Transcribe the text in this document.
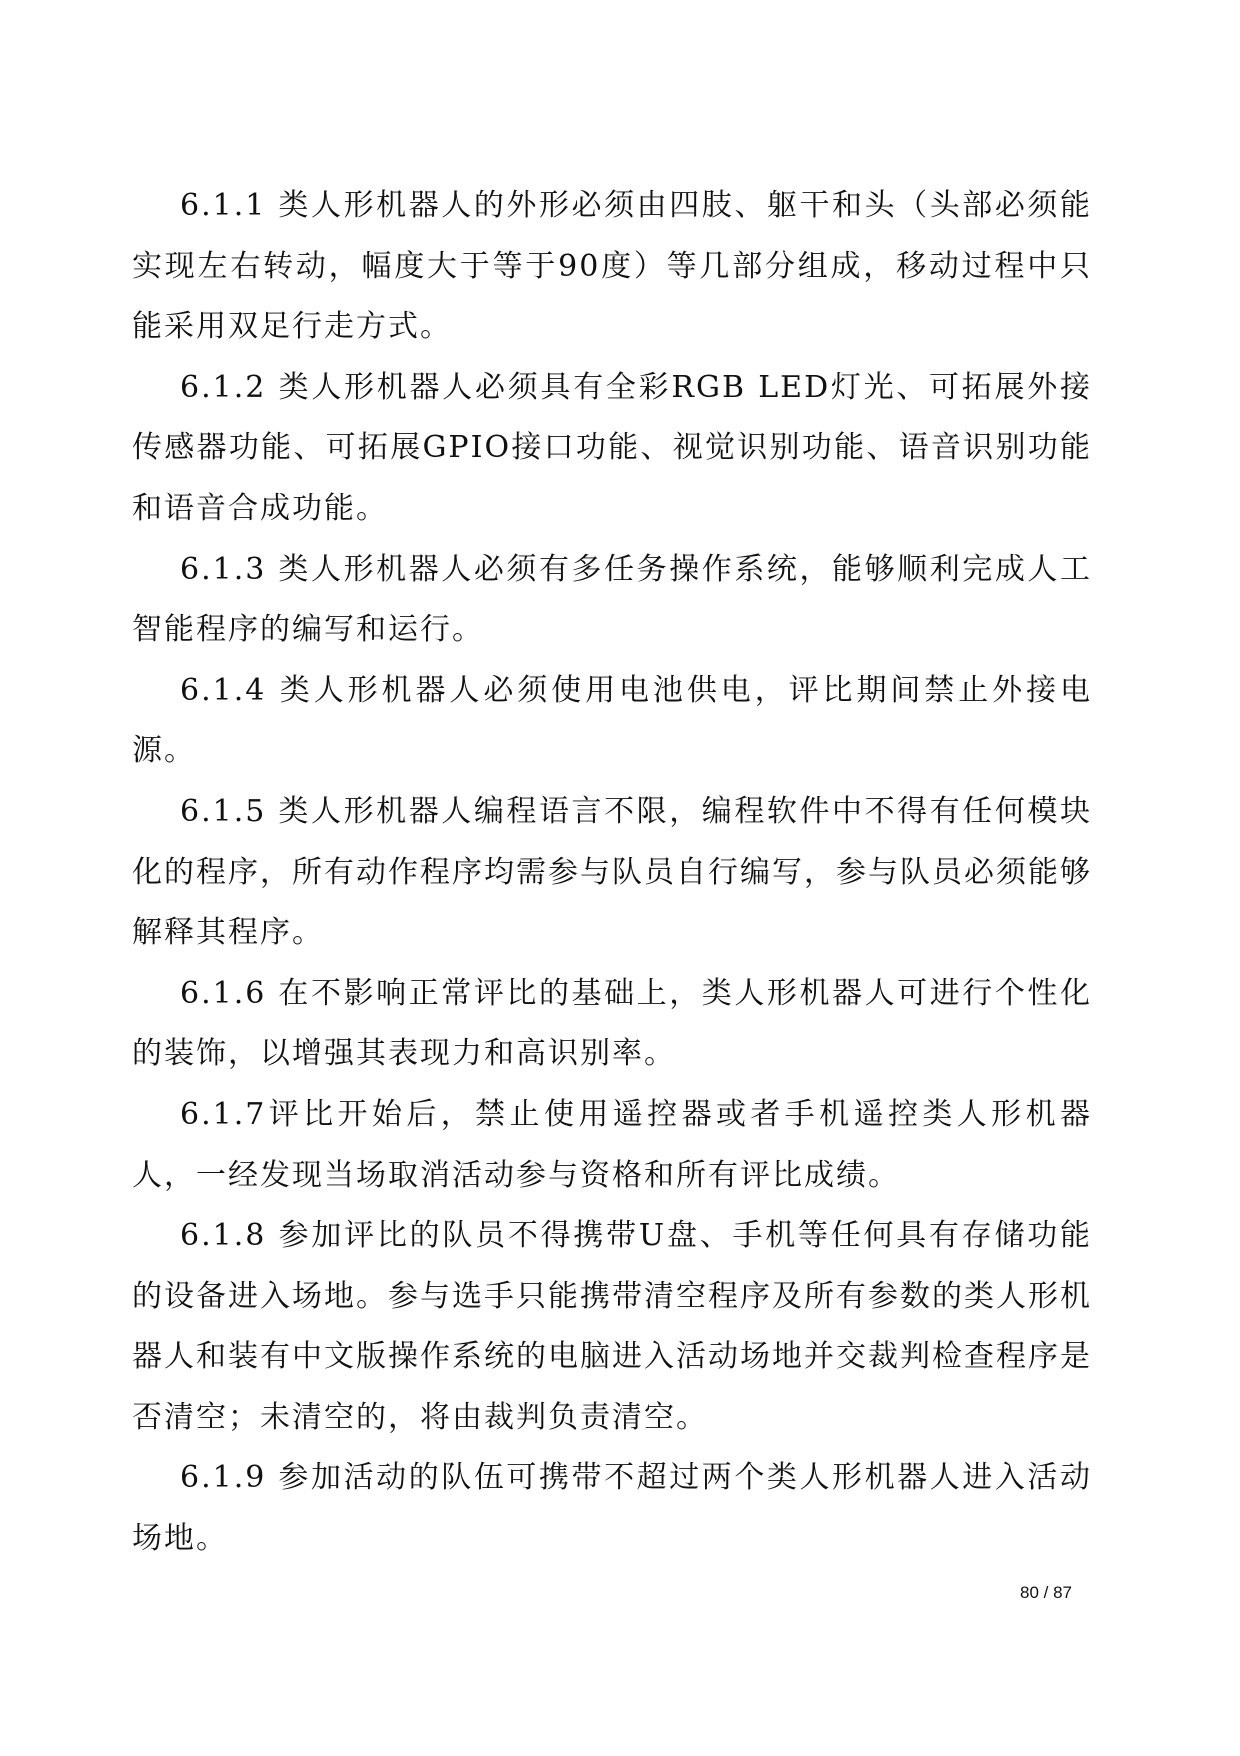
6.1.1 类人形机器人的外形必须由四肢、躯干和头（头部必须能实现左右转动，幅度大于等于90度）等几部分组成，移动过程中只能采用双足行走方式。

6.1.2 类人形机器人必须具有全彩RGB LED灯光、可拓展外接传感器功能、可拓展GPIO接口功能、视觉识别功能、语音识别功能和语音合成功能。

6.1.3 类人形机器人必须有多任务操作系统，能够顺利完成人工智能程序的编写和运行。

6.1.4 类人形机器人必须使用电池供电，评比期间禁止外接电源。

6.1.5 类人形机器人编程语言不限，编程软件中不得有任何模块化的程序，所有动作程序均需参与队员自行编写，参与队员必须能够解释其程序。

6.1.6 在不影响正常评比的基础上，类人形机器人可进行个性化的装饰，以增强其表现力和高识别率。

6.1.7评比开始后，禁止使用遥控器或者手机遥控类人形机器人，一经发现当场取消活动参与资格和所有评比成绩。

6.1.8 参加评比的队员不得携带U盘、手机等任何具有存储功能的设备进入场地。参与选手只能携带清空程序及所有参数的类人形机器人和装有中文版操作系统的电脑进入活动场地并交裁判检查程序是否清空；未清空的，将由裁判负责清空。

6.1.9 参加活动的队伍可携带不超过两个类人形机器人进入活动场地。

80 / 87
